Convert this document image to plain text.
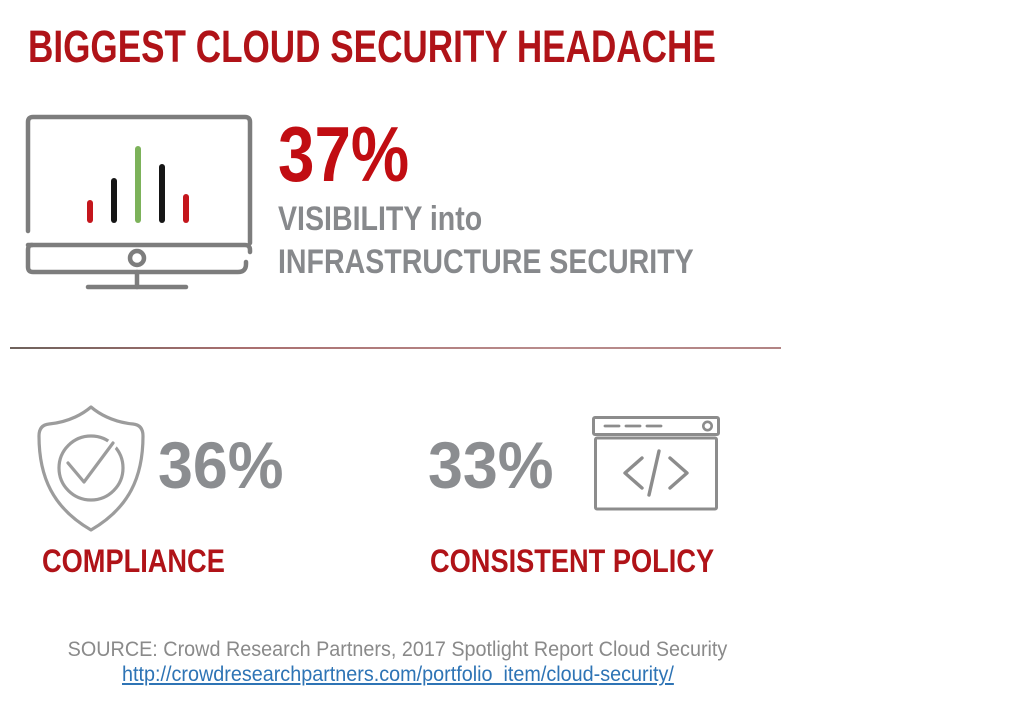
BIGGEST CLOUD SECURITY HEADACHE
37%
VISIBILITY into
INFRASTRUCTURE SECURITY
36%
COMPLIANCE
33%
CONSISTENT POLICY
SOURCE: Crowd Research Partners, 2017 Spotlight Report Cloud Security
http://crowdresearchpartners.com/portfolio_item/cloud-security/
